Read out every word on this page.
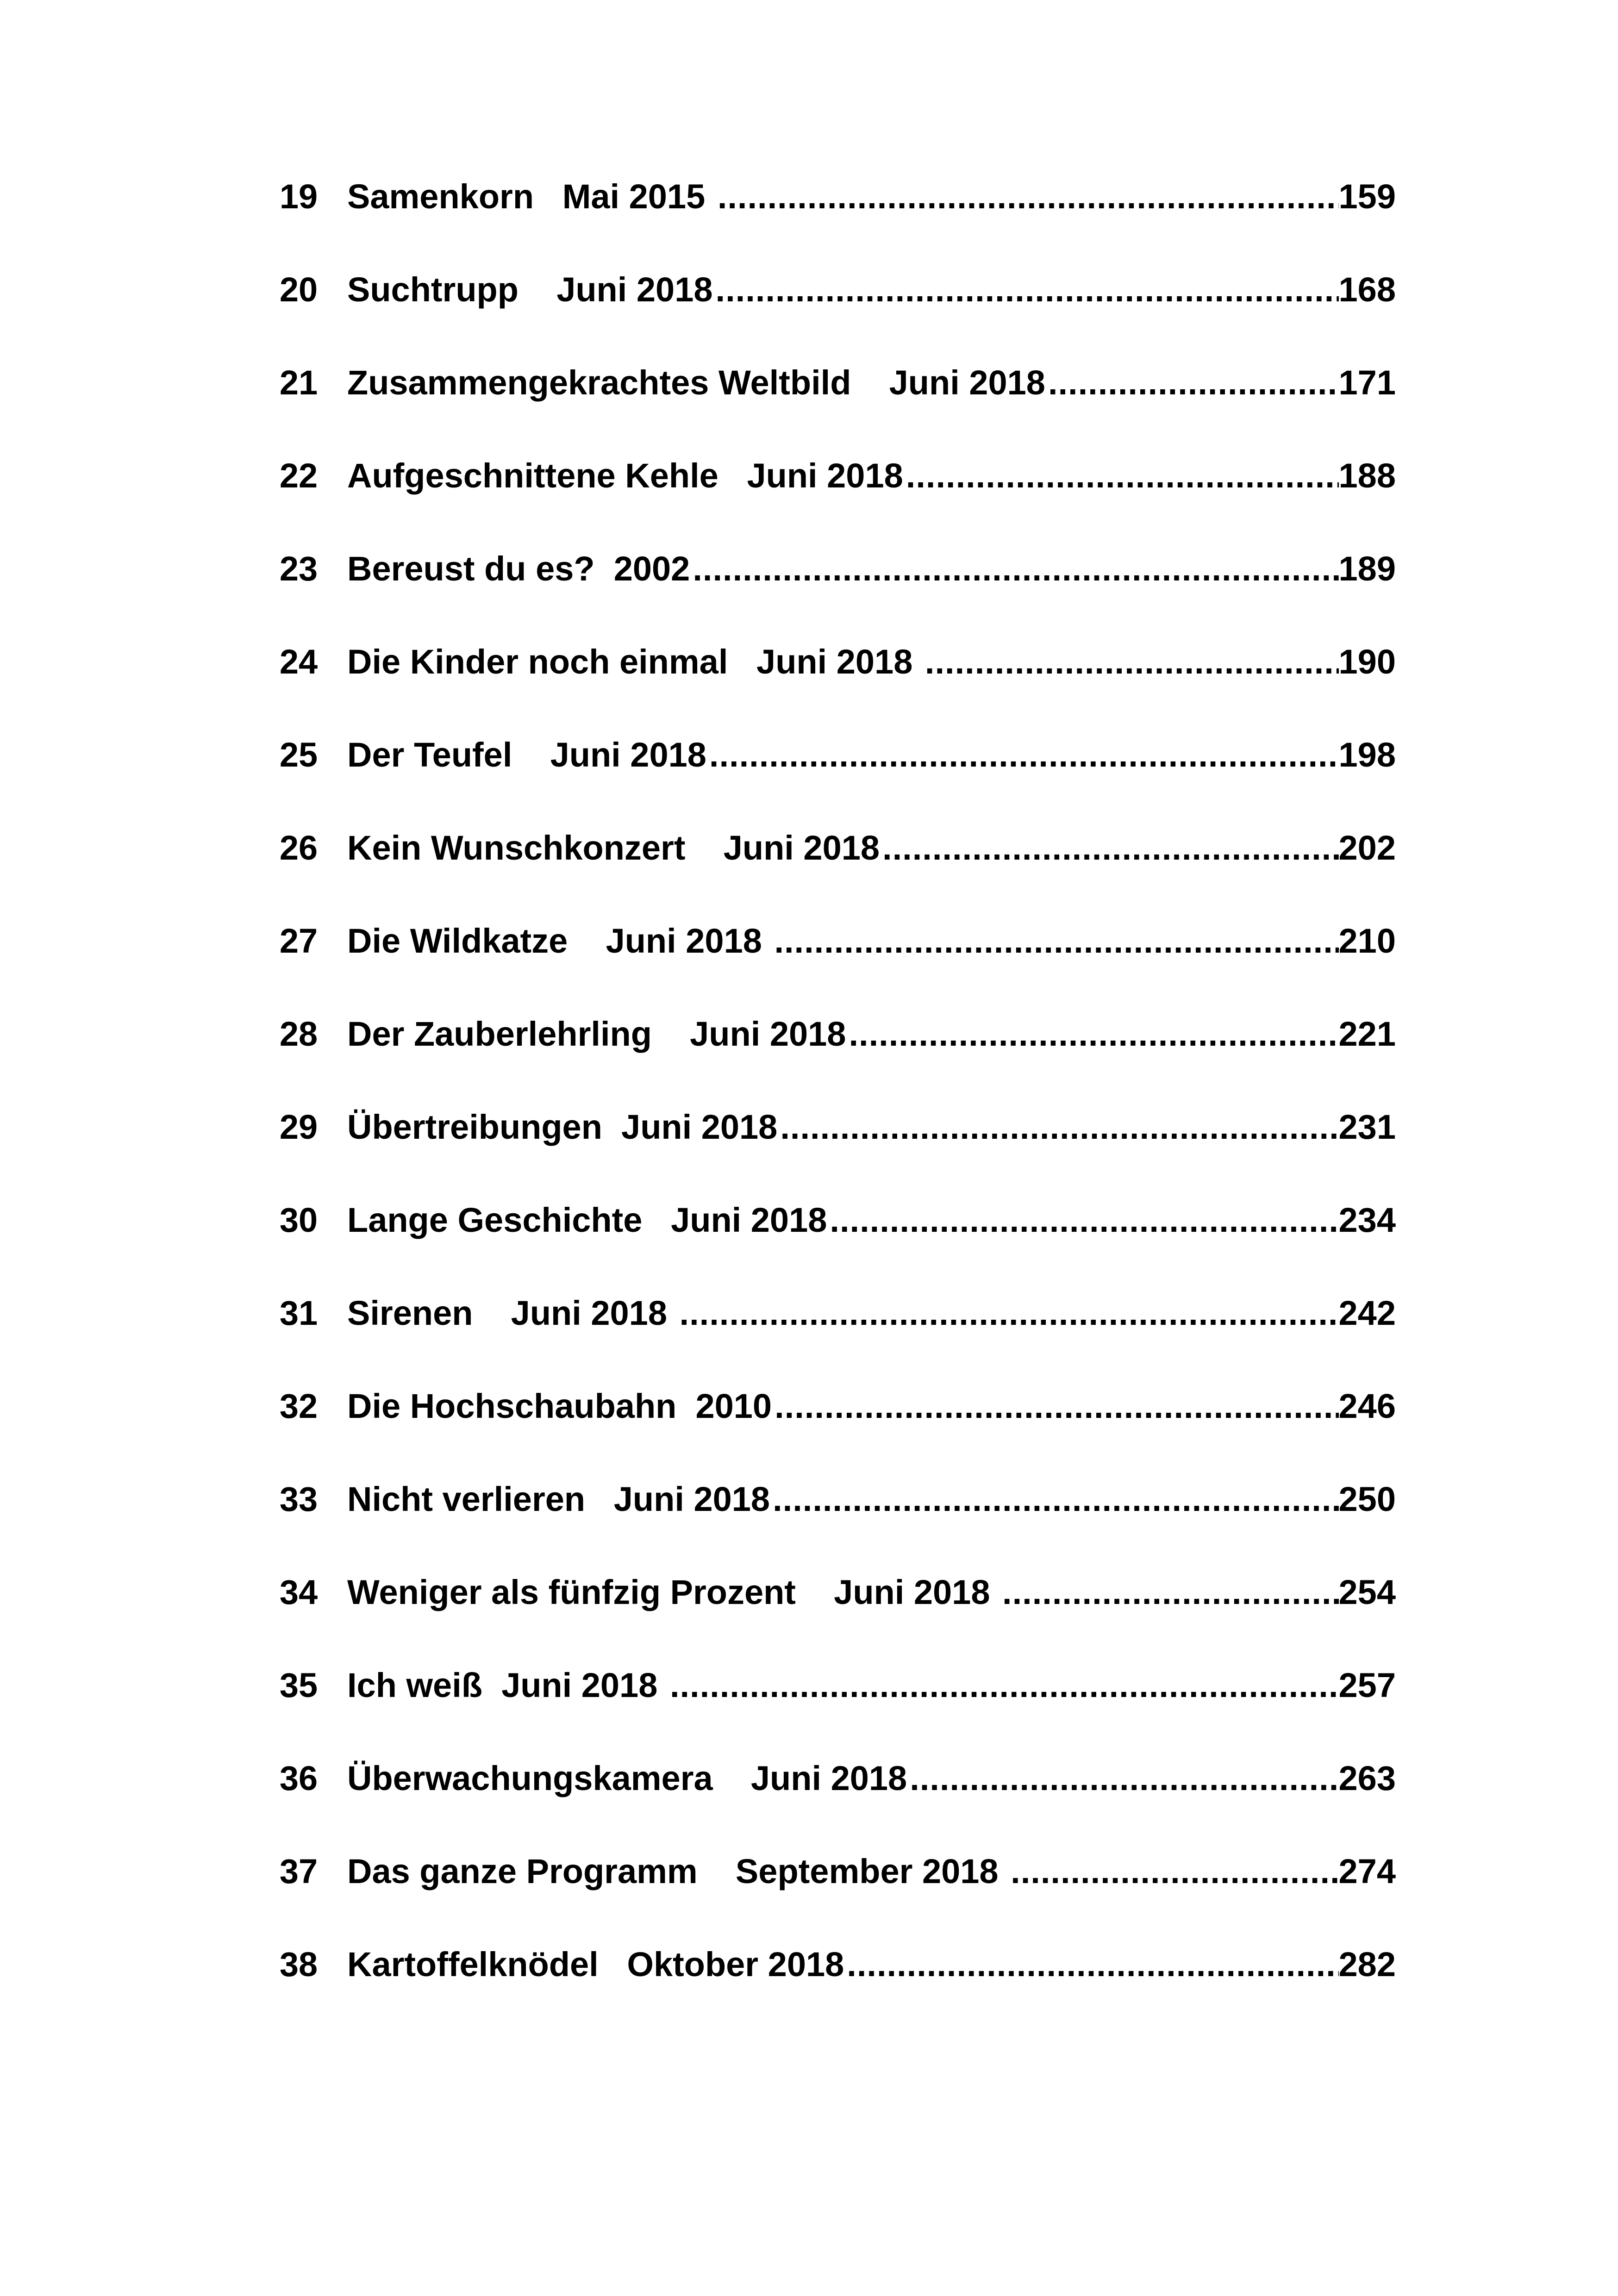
19 Samenkorn   Mai 2015 .....	159
20 Suchtrupp    Juni 2018 .....	168
21 Zusammengekrachtes Weltbild    Juni 2018 .....	171
22 Aufgeschnittene Kehle   Juni 2018 .....	188
23 Bereust du es?  2002 .....	189
24 Die Kinder noch einmal   Juni 2018 .....	190
25 Der Teufel    Juni 2018 .....	198
26 Kein Wunschkonzert    Juni 2018 .....	202
27 Die Wildkatze    Juni 2018 .....	210
28 Der Zauberlehrling    Juni 2018 .....	221
29 Übertreibungen  Juni 2018 .....	231
30 Lange Geschichte   Juni 2018 .....	234
31 Sirenen    Juni 2018 .....	242
32 Die Hochschaubahn  2010 .....	246
33 Nicht verlieren   Juni 2018 .....	250
34 Weniger als fünfzig Prozent    Juni 2018 .....	254
35 Ich weiß  Juni 2018 .....	257
36 Überwachungskamera    Juni 2018 .....	263
37 Das ganze Programm    September 2018 .....	274
38 Kartoffelknödel   Oktober 2018 .....	282
